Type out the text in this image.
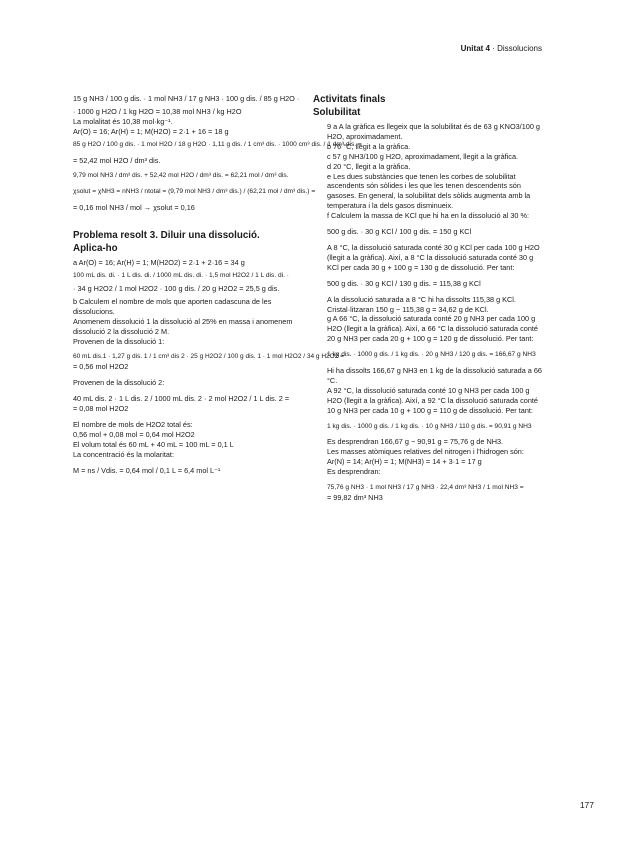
Unitat 4 · Dissolucions

15 g NH3 / 100 g dis. · 1 mol NH3 / 17 g NH3 · 100 g dis. / 85 g H2O ·

· 1000 g H2O / 1 kg H2O = 10,38 mol NH3 / kg H2O

La molalitat és 10,38 mol·kg⁻¹.

Ar(O) = 16; Ar(H) = 1; M(H2O) = 2·1 + 16 = 18 g

85 g H2O / 100 g dis. · 1 mol H2O / 18 g H2O · 1,11 g dis. / 1 cm³ dis. · 1000 cm³ dis. / 1 dm³ dis. =

= 52,42 mol H2O / dm³ dis.

9,79 mol NH3 / dm³ dis. + 52,42 mol H2O / dm³ dis. = 62,21 mol / dm³ dis.

χsolut = χNH3 = nNH3 / ntotal = (9,79 mol NH3 / dm³ dis.) / (62,21 mol / dm³ dis.) =

= 0,16 mol NH3 / mol → χsolut = 0,16

Problema resolt 3. Diluir una dissolució.

Aplica-ho

a Ar(O) = 16; Ar(H) = 1; M(H2O2) = 2·1 + 2·16 = 34 g

100 mL dis. di. · 1 L dis. di. / 1000 mL dis. di. · 1,5 mol H2O2 / 1 L dis. di. ·

· 34 g H2O2 / 1 mol H2O2 · 100 g dis. / 20 g H2O2 = 25,5 g dis.

b Calculem el nombre de mols que aporten cadascuna de les dissolucions.

Anomenem dissolució 1 la dissolució al 25% en massa i anomenem dissolució 2 la dissolució 2 M.

Provenen de la dissolució 1:

60 mL dis.1 · 1,27 g dis. 1 / 1 cm³ dis 2 · 25 g H2O2 / 100 g dis. 1 · 1 mol H2O2 / 34 g H2O2 =

= 0,56 mol H2O2

Provenen de la dissolució 2:

40 mL dis. 2 · 1 L dis. 2 / 1000 mL dis. 2 · 2 mol H2O2 / 1 L dis. 2 =

= 0,08 mol H2O2

El nombre de mols de H2O2 total és:

0,56 mol + 0,08 mol = 0,64 mol H2O2

El volum total és 60 mL + 40 mL = 100 mL = 0,1 L

La concentració és la molaritat:

M = ns / Vdis. = 0,64 mol / 0,1 L = 6,4 mol L⁻¹

Activitats finals

Solubilitat

9 a A la gràfica es llegeix que la solubilitat és de 63 g KNO3/100 g H2O, aproximadament.

b 76 °C, llegit a la gràfica.

c 57 g NH3/100 g H2O, aproximadament, llegit a la gràfica.

d 20 °C, llegit a la gràfica.

e Les dues substàncies que tenen les corbes de solubilitat ascendents són sòlides i les que les tenen descendents són gasoses. En general, la solubilitat dels sòlids augmenta amb la temperatura i la dels gasos disminueix.

f Calculem la massa de KCl que hi ha en la dissolució al 30 %:

500 g dis. · 30 g KCl / 100 g dis. = 150 g KCl

A 8 °C, la dissolució saturada conté 30 g KCl per cada 100 g H2O (llegit a la gràfica). Així, a 8 °C la dissolució saturada conté 30 g KCl per cada 30 g + 100 g = 130 g de dissolució. Per tant:

500 g dis. · 30 g KCl / 130 g dis. = 115,38 g KCl

A la dissolució saturada a 8 °C hi ha dissolts 115,38 g KCl.

Cristal·litzaran 150 g − 115,38 g = 34,62 g de KCl.

g A 66 °C, la dissolució saturada conté 20 g NH3 per cada 100 g H2O (llegit a la gràfica). Així, a 66 °C la dissolució saturada conté 20 g NH3 per cada 20 g + 100 g = 120 g de dissolució. Per tant:

1 kg dis. · 1000 g dis. / 1 kg dis. · 20 g NH3 / 120 g dis. = 166,67 g NH3

Hi ha dissolts 166,67 g NH3 en 1 kg de la dissolució saturada a 66 °C.

A 92 °C, la dissolució saturada conté 10 g NH3 per cada 100 g H2O (llegit a la gràfica). Així, a 92 °C la dissolució saturada conté 10 g NH3 per cada 10 g + 100 g = 110 g de dissolució. Per tant:

1 kg dis. · 1000 g dis. / 1 kg dis. · 10 g NH3 / 110 g dis. = 90,91 g NH3

Es desprendran 166,67 g − 90,91 g = 75,76 g de NH3.

Les masses atòmiques relatives del nitrogen i l'hidrogen són:

Ar(N) = 14; Ar(H) = 1; M(NH3) = 14 + 3·1 = 17 g

Es desprendran:

75,76 g NH3 · 1 mol NH3 / 17 g NH3 · 22,4 dm³ NH3 / 1 mol NH3 =

= 99,82 dm³ NH3

177
